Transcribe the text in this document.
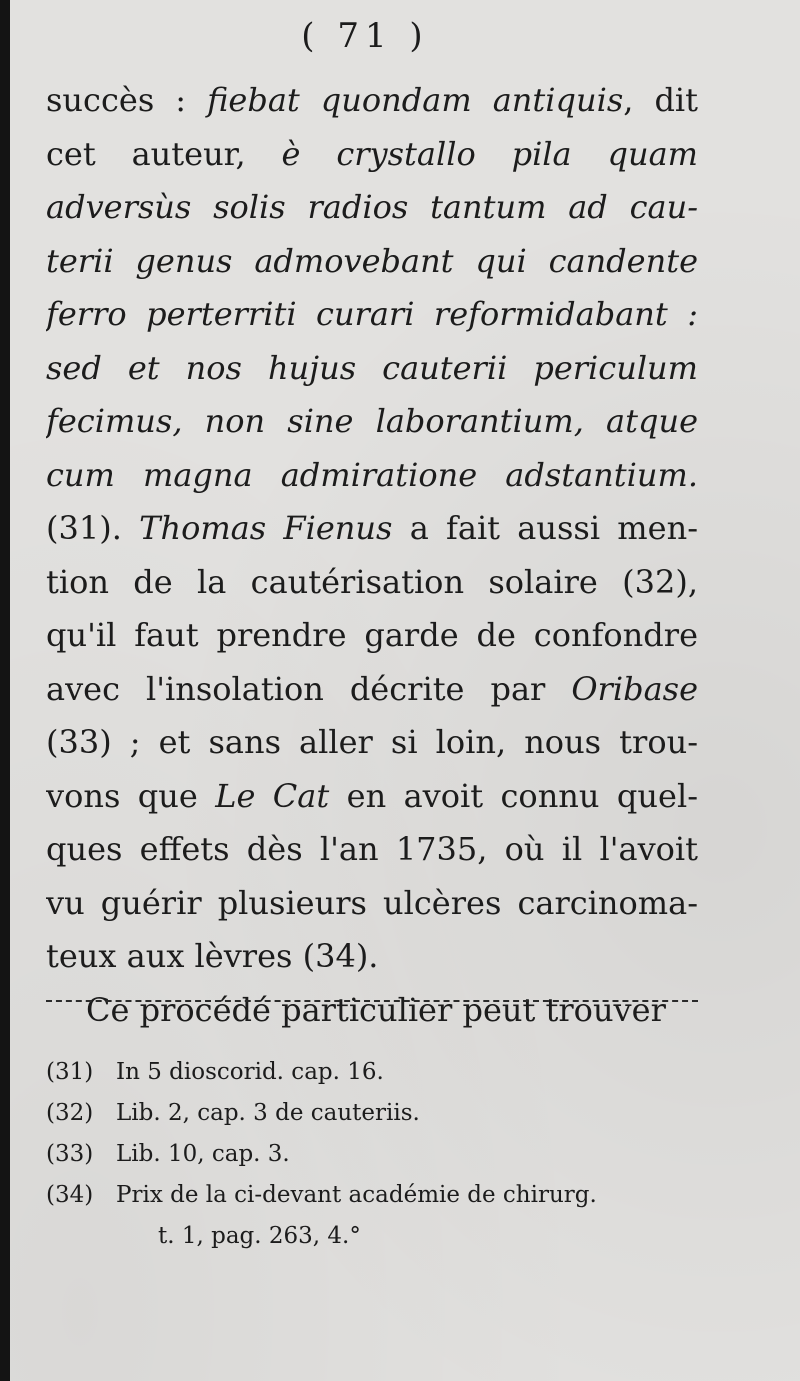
( 71 )
succès : fiebat quondam antiquis, dit
cet auteur, è crystallo pila quam
adversùs solis radios tantum ad cau-
terii genus admovebant qui candente
ferro perterriti curari reformidabant :
sed et nos hujus cauterii periculum
fecimus, non sine laborantium, atque
cum magna admiratione adstantium.
(31). Thomas Fienus a fait aussi men-
tion de la cautérisation solaire (32),
qu'il faut prendre garde de confondre
avec l'insolation décrite par Oribase
(33) ; et sans aller si loin, nous trou-
vons que Le Cat en avoit connu quel-
ques effets dès l'an 1735, où il l'avoit
vu guérir plusieurs ulcères carcinoma-
teux aux lèvres (34).
Ce procédé particulier peut trouver
(31) In 5 dioscorid. cap. 16.
(32) Lib. 2, cap. 3 de cauteriis.
(33) Lib. 10, cap. 3.
(34) Prix de la ci-devant académie de chirurg.
t. 1, pag. 263, 4.°
